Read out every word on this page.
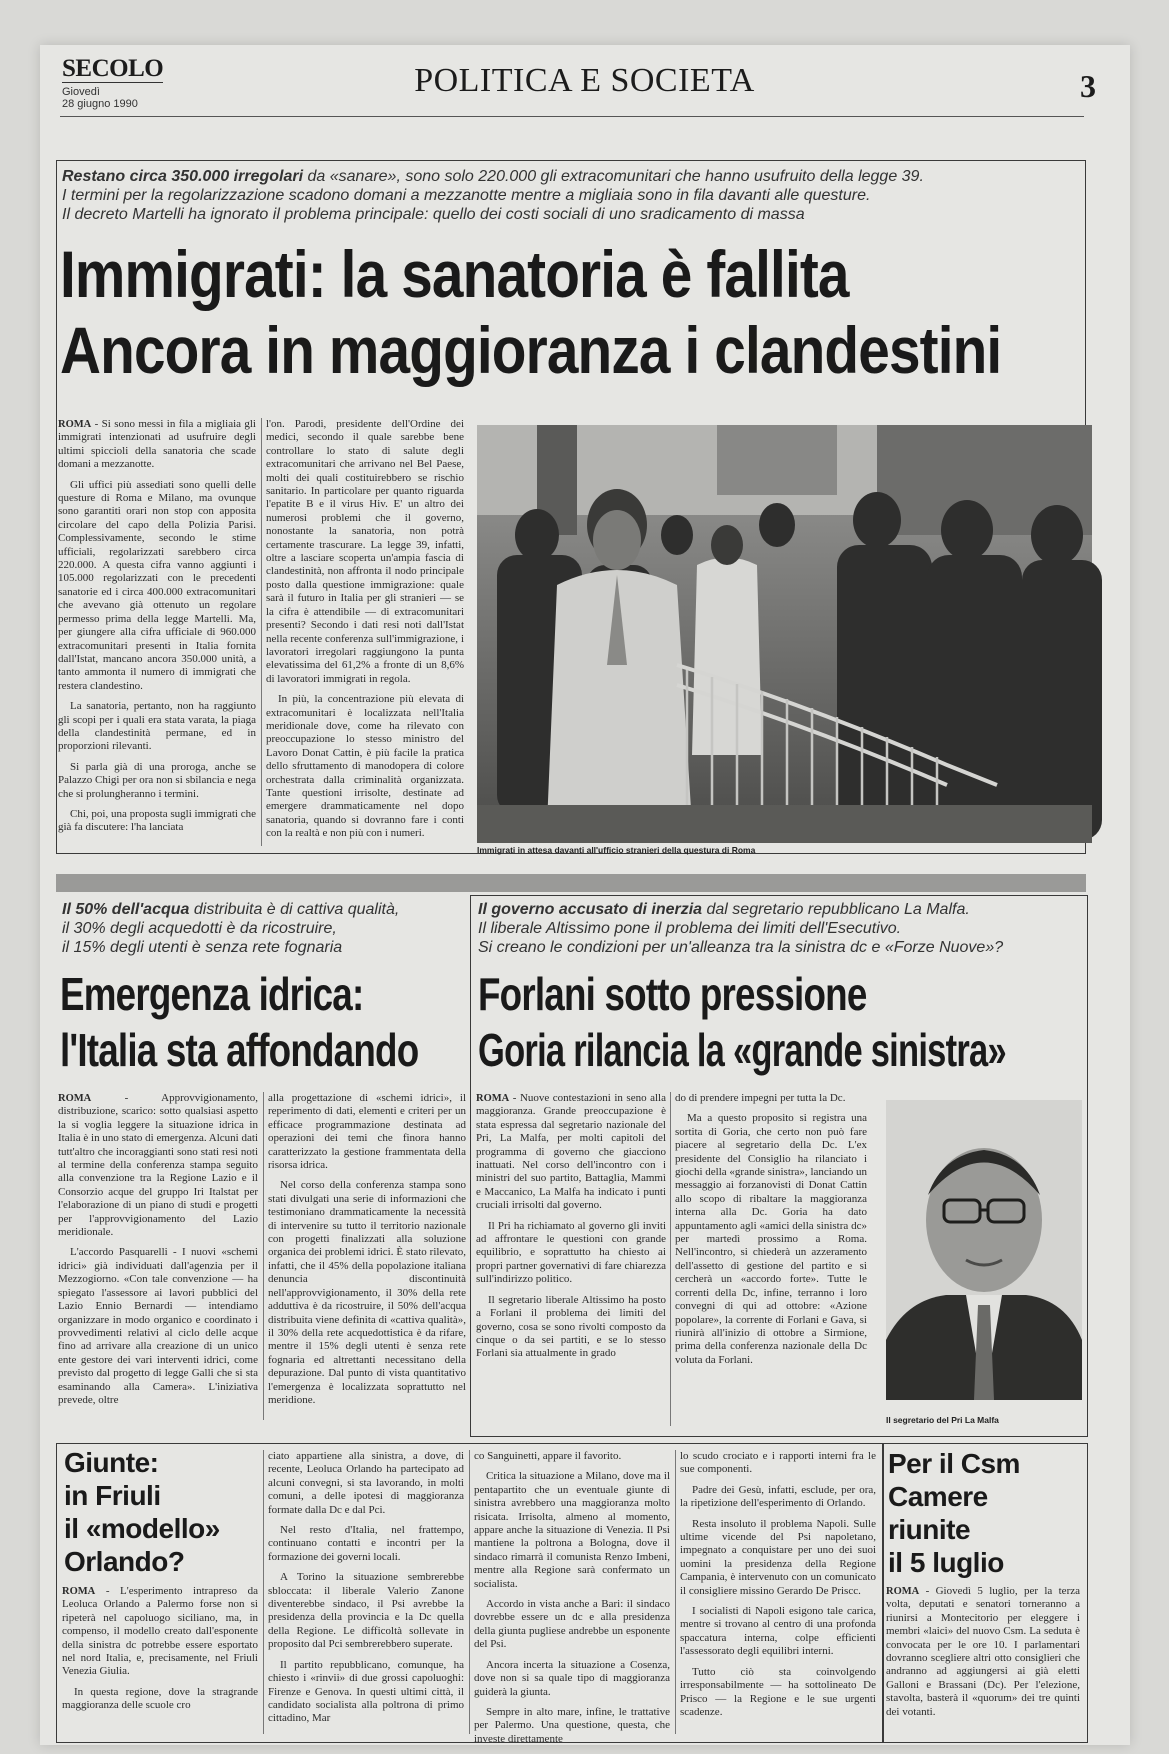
SECOLO
Giovedì
28 giugno 1990
POLITICA E SOCIETA	3
Restano circa 350.000 irregolari da «sanare», sono solo 220.000 gli extracomunitari che hanno usufruito della legge 39.
I termini per la regolarizzazione scadono domani a mezzanotte mentre a migliaia sono in fila davanti alle questure.
Il decreto Martelli ha ignorato il problema principale: quello dei costi sociali di uno sradicamento di massa
Immigrati: la sanatoria è fallita
Ancora in maggioranza i clandestini

ROMA - Si sono messi in fila a migliaia gli immigrati intenzionati ad usufruire degli ultimi spiccioli della sanatoria che scade domani a mezzanotte.

Gli uffici più assediati sono quelli delle questure di Roma e Milano, ma ovunque sono garantiti orari non stop con apposita circolare del capo della Polizia Parisi. Complessivamente, secondo le stime ufficiali, regolarizzati sarebbero circa 220.000. A questa cifra vanno aggiunti i 105.000 regolarizzati con le precedenti sanatorie ed i circa 400.000 extracomunitari che avevano già ottenuto un regolare permesso prima della legge Martelli. Ma, per giungere alla cifra ufficiale di 960.000 extracomunitari presenti in Italia fornita dall'Istat, mancano ancora 350.000 unità, a tanto ammonta il numero di immigrati che restera clandestino.

La sanatoria, pertanto, non ha raggiunto gli scopi per i quali era stata varata, la piaga della clandestinità permane, ed in proporzioni rilevanti.

Si parla già di una proroga, anche se Palazzo Chigi per ora non si sbilancia e nega che si prolungheranno i termini.

Chi, poi, una proposta sugli immigrati che già fa discutere: l'ha lanciata

l'on. Parodi, presidente dell'Ordine dei medici, secondo il quale sarebbe bene controllare lo stato di salute degli extracomunitari che arrivano nel Bel Paese, molti dei quali costituirebbero se rischio sanitario. In particolare per quanto riguarda l'epatite B e il virus Hiv. E' un altro dei numerosi problemi che il governo, nonostante la sanatoria, non potrà certamente trascurare. La legge 39, infatti, oltre a lasciare scoperta un'ampia fascia di clandestinità, non affronta il nodo principale posto dalla questione immigrazione: quale sarà il futuro in Italia per gli stranieri — se la cifra è attendibile — di extracomunitari presenti? Secondo i dati resi noti dall'Istat nella recente conferenza sull'immigrazione, i lavoratori irregolari raggiungono la punta elevatissima del 61,2% a fronte di un 8,6% di lavoratori immigrati in regola.

In più, la concentrazione più elevata di extracomunitari è localizzata nell'Italia meridionale dove, come ha rilevato con preoccupazione lo stesso ministro del Lavoro Donat Cattin, è più facile la pratica dello sfruttamento di manodopera di colore orchestrata dalla criminalità organizzata. Tante questioni irrisolte, destinate ad emergere drammaticamente nel dopo sanatoria, quando si dovranno fare i conti con la realtà e non più con i numeri.

Immigrati in attesa davanti all'ufficio stranieri della questura di Roma
Il 50% dell'acqua distribuita è di cattiva qualità,
il 30% degli acquedotti è da ricostruire,
il 15% degli utenti è senza rete fognaria
Emergenza idrica:
l'Italia sta affondando

ROMA - Approvvigionamento, distribuzione, scarico: sotto qualsiasi aspetto la si voglia leggere la situazione idrica in Italia è in uno stato di emergenza. Alcuni dati tutt'altro che incoraggianti sono stati resi noti al termine della conferenza stampa seguito alla convenzione tra la Regione Lazio e il Consorzio acque del gruppo Iri Italstat per l'elaborazione di un piano di studi e progetti per l'approvvigionamento del Lazio meridionale.

L'accordo Pasquarelli - I nuovi «schemi idrici» già individuati dall'agenzia per il Mezzogiorno. «Con tale convenzione — ha spiegato l'assessore ai lavori pubblici del Lazio Ennio Bernardi — intendiamo organizzare in modo organico e coordinato i provvedimenti relativi al ciclo delle acque fino ad arrivare alla creazione di un unico ente gestore dei vari interventi idrici, come previsto dal progetto di legge Galli che si sta esaminando alla Camera». L'iniziativa prevede, oltre

alla progettazione di «schemi idrici», il reperimento di dati, elementi e criteri per un efficace programmazione destinata ad operazioni dei temi che finora hanno caratterizzato la gestione frammentata della risorsa idrica.

Nel corso della conferenza stampa sono stati divulgati una serie di informazioni che testimoniano drammaticamente la necessità di intervenire su tutto il territorio nazionale con progetti finalizzati alla soluzione organica dei problemi idrici. È stato rilevato, infatti, che il 45% della popolazione italiana denuncia discontinuità nell'approvvigionamento, il 30% della rete adduttiva è da ricostruire, il 50% dell'acqua distribuita viene definita di «cattiva qualità», il 30% della rete acquedottistica è da rifare, mentre il 15% degli utenti è senza rete fognaria ed altrettanti necessitano della depurazione. Dal punto di vista quantitativo l'emergenza è localizzata soprattutto nel meridione.

Il governo accusato di inerzia dal segretario repubblicano La Malfa.
Il liberale Altissimo pone il problema dei limiti dell'Esecutivo.
Si creano le condizioni per un'alleanza tra la sinistra dc e «Forze Nuove»?
Forlani sotto pressione
Goria rilancia la «grande sinistra»

ROMA - Nuove contestazioni in seno alla maggioranza. Grande preoccupazione è stata espressa dal segretario nazionale del Pri, La Malfa, per molti capitoli del programma di governo che giacciono inattuati. Nel corso dell'incontro con i ministri del suo partito, Battaglia, Mammì e Maccanico, La Malfa ha indicato i punti cruciali irrisolti dal governo.

Il Pri ha richiamato al governo gli inviti ad affrontare le questioni con grande equilibrio, e soprattutto ha chiesto ai propri partner governativi di fare chiarezza sull'indirizzo politico.

Il segretario liberale Altissimo ha posto a Forlani il problema dei limiti del governo, cosa se sono rivolti composto da cinque o da sei partiti, e se lo stesso Forlani sia attualmente in grado

do di prendere impegni per tutta la Dc.

Ma a questo proposito si registra una sortita di Goria, che certo non può fare piacere al segretario della Dc. L'ex presidente del Consiglio ha rilanciato i giochi della «grande sinistra», lanciando un messaggio ai forzanovisti di Donat Cattin allo scopo di ribaltare la maggioranza interna alla Dc. Goria ha dato appuntamento agli «amici della sinistra dc» per martedì prossimo a Roma. Nell'incontro, si chiederà un azzeramento dell'assetto di gestione del partito e si cercherà un «accordo forte». Tutte le correnti della Dc, infine, terranno i loro convegni di qui ad ottobre: «Azione popolare», la corrente di Forlani e Gava, si riunirà all'inizio di ottobre a Sirmione, prima della conferenza nazionale della Dc voluta da Forlani.

Il segretario del Pri La Malfa
Giunte:
in Friuli
il «modello»
Orlando?

ROMA - L'esperimento intrapreso da Leoluca Orlando a Palermo forse non si ripeterà nel capoluogo siciliano, ma, in compenso, il modello creato dall'esponente della sinistra dc potrebbe essere esportato nel nord Italia, e, precisamente, nel Friuli Venezia Giulia.

In questa regione, dove la stragrande maggioranza delle scuole cro

ciato appartiene alla sinistra, a dove, di recente, Leoluca Orlando ha partecipato ad alcuni convegni, si sta lavorando, in molti comuni, a delle ipotesi di maggioranza formate dalla Dc e dal Pci.

Nel resto d'Italia, nel frattempo, continuano contatti e incontri per la formazione dei governi locali.

A Torino la situazione sembrerebbe sbloccata: il liberale Valerio Zanone diventerebbe sindaco, il Psi avrebbe la presidenza della provincia e la Dc quella della Regione. Le difficoltà sollevate in proposito dal Pci sembrerebbero superate.

Il partito repubblicano, comunque, ha chiesto i «rinvii» di due grossi capoluoghi: Firenze e Genova. In questi ultimi città, il candidato socialista alla poltrona di primo cittadino, Mar

co Sanguinetti, appare il favorito.

Critica la situazione a Milano, dove ma il pentapartito che un eventuale giunte di sinistra avrebbero una maggioranza molto risicata. Irrisolta, almeno al momento, appare anche la situazione di Venezia. Il Psi mantiene la poltrona a Bologna, dove il sindaco rimarrà il comunista Renzo Imbeni, mentre alla Regione sarà confermato un socialista.

Accordo in vista anche a Bari: il sindaco dovrebbe essere un dc e alla presidenza della giunta pugliese andrebbe un esponente del Psi.

Ancora incerta la situazione a Cosenza, dove non si sa quale tipo di maggioranza guiderà la giunta.

Sempre in alto mare, infine, le trattative per Palermo. Una questione, questa, che investe direttamente

lo scudo crociato e i rapporti interni fra le sue componenti.

Padre dei Gesù, infatti, esclude, per ora, la ripetizione dell'esperimento di Orlando.

Resta insoluto il problema Napoli. Sulle ultime vicende del Psi napoletano, impegnato a conquistare per uno dei suoi uomini la presidenza della Regione Campania, è intervenuto con un comunicato il consigliere missino Gerardo De Priscc.

I socialisti di Napoli esigono tale carica, mentre si trovano al centro di una profonda spaccatura interna, colpe efficienti l'assessorato degli equilibri interni.

Tutto ciò sta coinvolgendo irresponsabilmente — ha sottolineato De Prisco — la Regione e le sue urgenti scadenze.

Per il Csm
Camere
riunite
il 5 luglio

ROMA - Giovedì 5 luglio, per la terza volta, deputati e senatori torneranno a riunirsi a Montecitorio per eleggere i membri «laici» del nuovo Csm. La seduta è convocata per le ore 10. I parlamentari dovranno scegliere altri otto consiglieri che andranno ad aggiungersi ai già eletti Galloni e Brassani (Dc). Per l'elezione, stavolta, basterà il «quorum» dei tre quinti dei votanti.
